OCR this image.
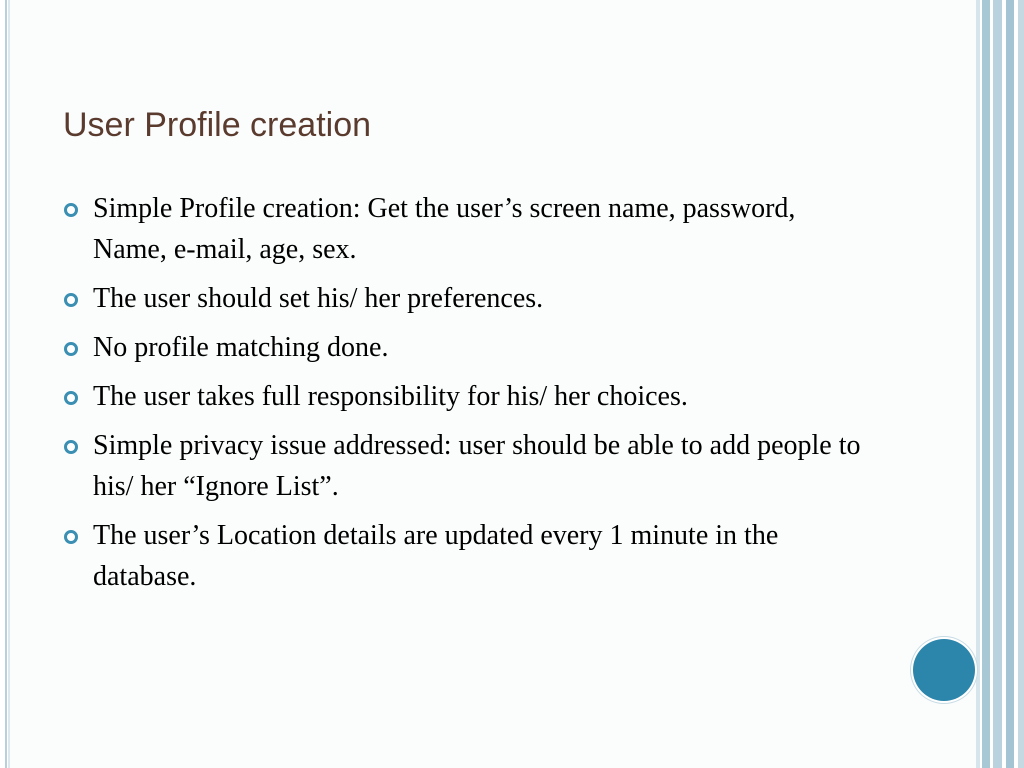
User Profile creation
Simple Profile creation: Get the user’s screen name, password, Name, e-mail, age, sex.
The user should set his/ her preferences.
No profile matching done.
The user takes full responsibility for his/ her choices.
Simple privacy issue addressed: user should be able to add people to his/ her “Ignore List”.
The user’s Location details are updated every 1 minute in the database.
